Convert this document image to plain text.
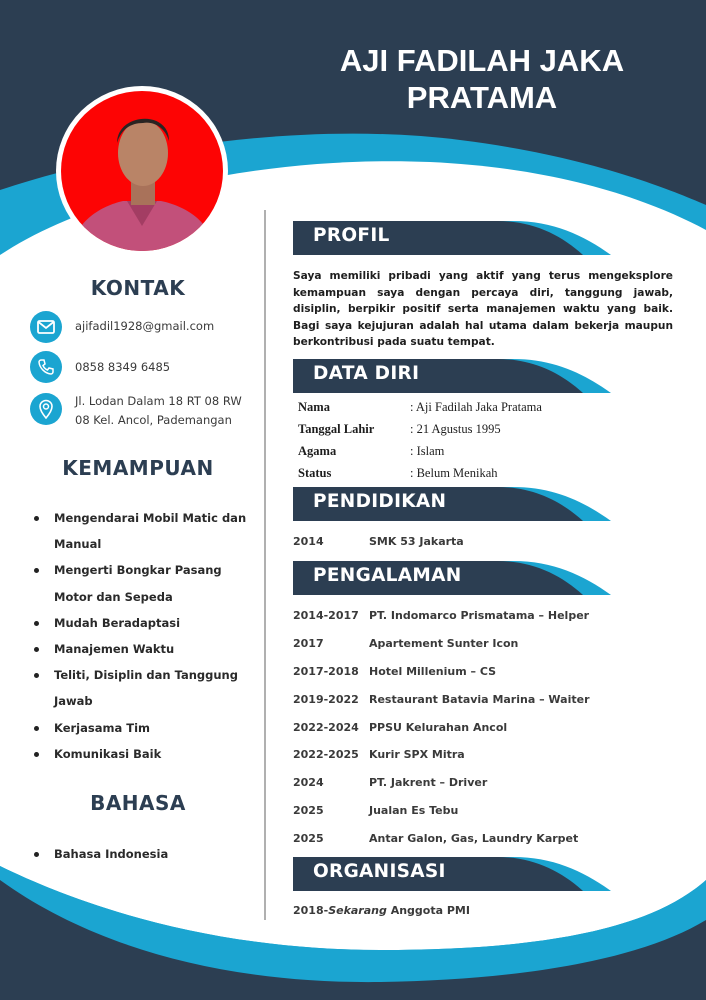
AJI FADILAH JAKA
PRATAMA
KONTAK
ajifadil1928@gmail.com
0858 8349 6485
Jl. Lodan Dalam 18 RT 08 RW
08 Kel. Ancol, Pademangan
KEMAMPUAN
Mengendarai Mobil Matic dan Manual
Mengerti Bongkar Pasang Motor dan Sepeda
Mudah Beradaptasi
Manajemen Waktu
Teliti, Disiplin dan Tanggung Jawab
Kerjasama Tim
Komunikasi Baik
BAHASA
Bahasa Indonesia
PROFIL
Saya memiliki pribadi yang aktif yang terus mengeksplore kemampuan saya dengan percaya diri, tanggung jawab, disiplin, berpikir positif serta manajemen waktu yang baik. Bagi saya kejujuran adalah hal utama dalam bekerja maupun berkontribusi pada suatu tempat.
DATA DIRI
Nama	: Aji Fadilah Jaka Pratama
Tanggal Lahir	: 21 Agustus 1995
Agama	: Islam
Status	: Belum Menikah
PENDIDIKAN
2014	SMK 53 Jakarta
PENGALAMAN
2014-2017 PT. Indomarco Prismatama – Helper
2017	Apartement Sunter Icon
2017-2018 Hotel Millenium – CS
2019-2022 Restaurant Batavia Marina – Waiter
2022-2024 PPSU Kelurahan Ancol
2022-2025 Kurir SPX Mitra
2024	PT. Jakrent – Driver
2025	Jualan Es Tebu
2025	Antar Galon, Gas, Laundry Karpet
ORGANISASI
2018-Sekarang Anggota PMI
